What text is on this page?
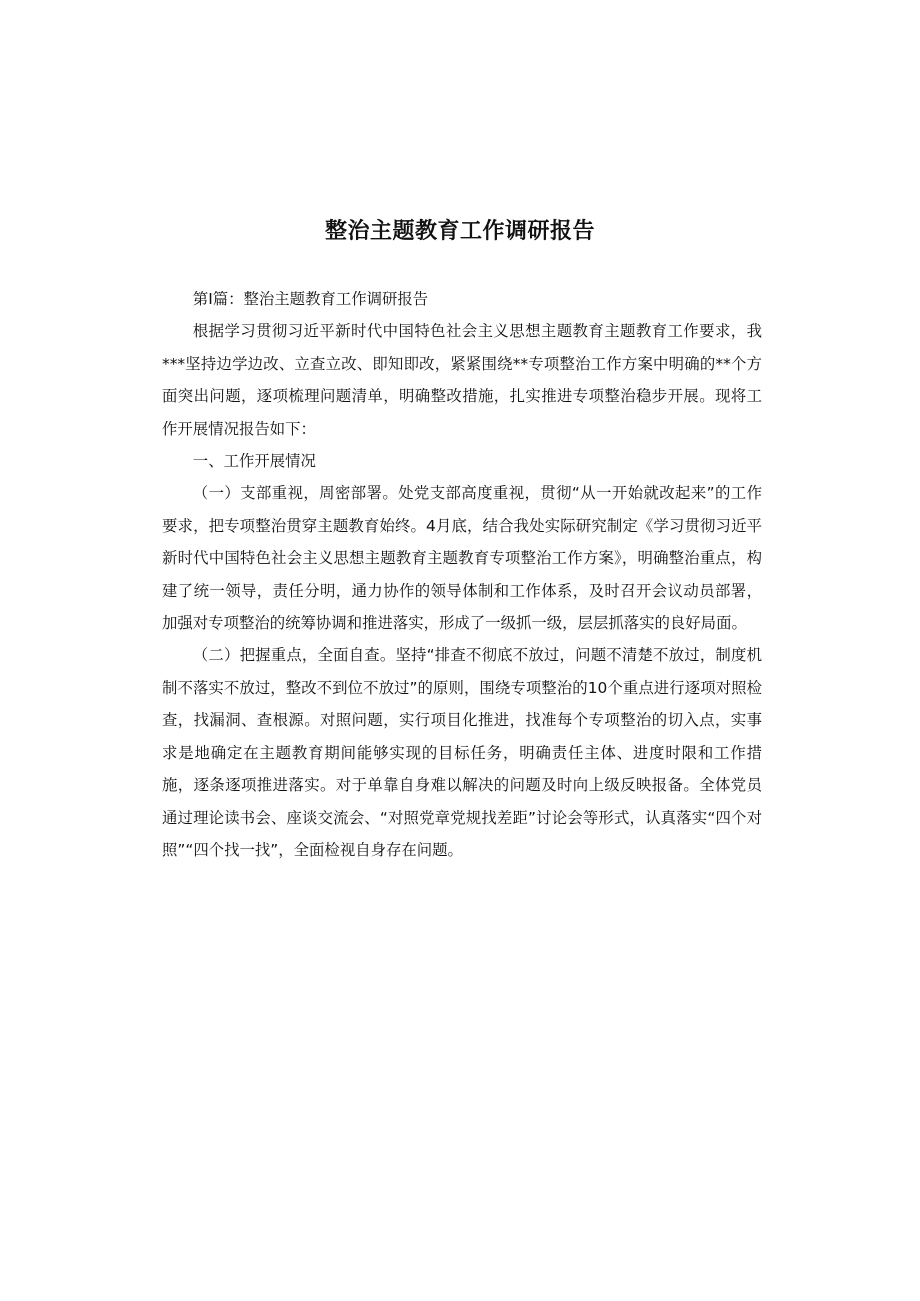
整治主题教育工作调研报告

第Ⅰ篇：整治主题教育工作调研报告

根据学习贯彻习近平新时代中国特色社会主义思想主题教育主题教育工作要求，我***坚持边学边改、立查立改、即知即改，紧紧围绕**专项整治工作方案中明确的**个方面突出问题，逐项梳理问题清单，明确整改措施，扎实推进专项整治稳步开展。现将工作开展情况报告如下：

一、工作开展情况

（一）支部重视，周密部署。处党支部高度重视，贯彻“从一开始就改起来”的工作要求，把专项整治贯穿主题教育始终。4月底，结合我处实际研究制定《学习贯彻习近平新时代中国特色社会主义思想主题教育主题教育专项整治工作方案》，明确整治重点，构建了统一领导，责任分明，通力协作的领导体制和工作体系，及时召开会议动员部署，加强对专项整治的统筹协调和推进落实，形成了一级抓一级，层层抓落实的良好局面。

（二）把握重点，全面自查。坚持“排查不彻底不放过，问题不清楚不放过，制度机制不落实不放过，整改不到位不放过”的原则，围绕专项整治的10个重点进行逐项对照检查，找漏洞、查根源。对照问题，实行项目化推进，找准每个专项整治的切入点，实事求是地确定在主题教育期间能够实现的目标任务，明确责任主体、进度时限和工作措施，逐条逐项推进落实。对于单靠自身难以解决的问题及时向上级反映报备。全体党员通过理论读书会、座谈交流会、“对照党章党规找差距”讨论会等形式，认真落实“四个对照”“四个找一找”，全面检视自身存在问题。
